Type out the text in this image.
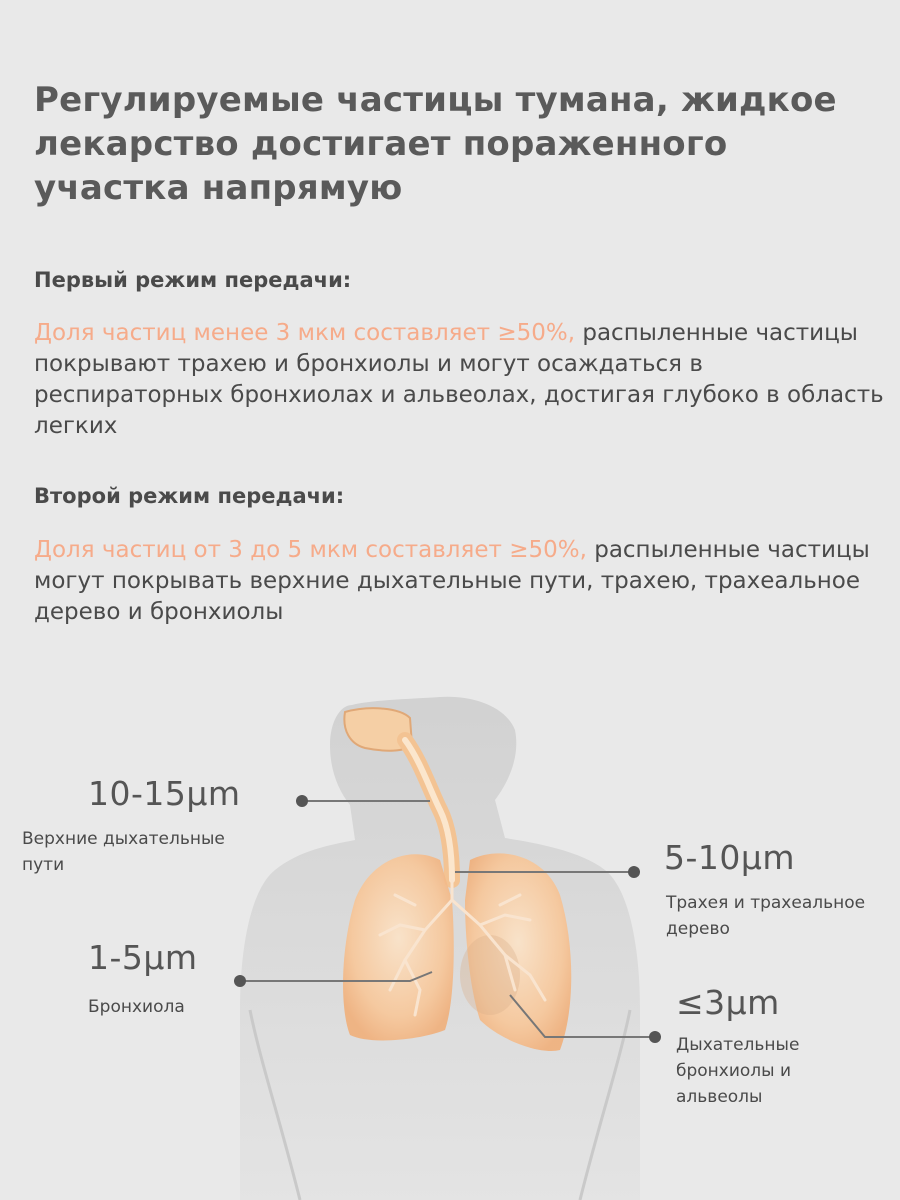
Регулируемые частицы тумана, жидкое лекарство достигает пораженного участка напрямую
Первый режим передачи:
Доля частиц менее 3 мкм составляет ≥50%, распыленные частицы покрывают трахею и бронхиолы и могут осаждаться в респираторных бронхиолах и альвеолах, достигая глубоко в область легких
Второй режим передачи:
Доля частиц от 3 до 5 мкм составляет ≥50%, распыленные частицы могут покрывать верхние дыхательные пути, трахею, трахеальное дерево и бронхиолы
10-15μm
Верхние дыхательные пути	5-10μm
Трахея и трахеальное дерево
1-5μm
Бронхиола	≤3μm
Дыхательные бронхиолы и альвеолы
